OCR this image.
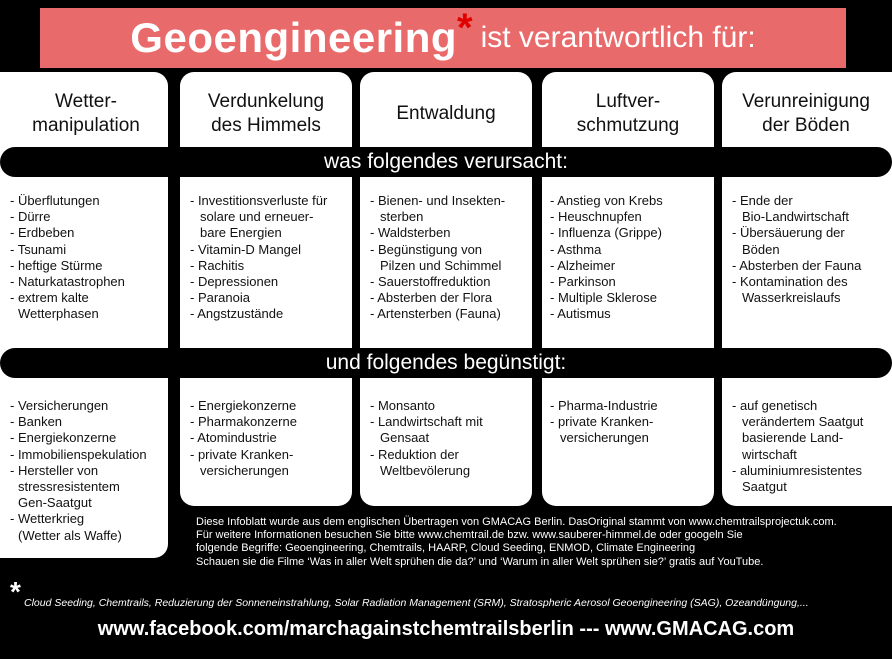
Geoengineering * ist verantwortlich für:
Wetter-
manipulation
- Überflutungen
- Dürre
- Erdbeben
- Tsunami
- heftige Stürme
- Naturkatastrophen
- extrem kalte
Wetterphasen
- Versicherungen
- Banken
- Energiekonzerne
- Immobilienspekulation
- Hersteller von
stressresistentem
Gen-Saatgut
- Wetterkrieg
(Wetter als Waffe)
Verdunkelung
des Himmels
- Investitionsverluste für
solare und erneuer-
bare Energien
- Vitamin-D Mangel
- Rachitis
- Depressionen
- Paranoia
- Angstzustände
- Energiekonzerne
- Pharmakonzerne
- Atomindustrie
- private Kranken-
versicherungen
Entwaldung
- Bienen- und Insekten-
sterben
- Waldsterben
- Begünstigung von
Pilzen und Schimmel
- Sauerstoffreduktion
- Absterben der Flora
- Artensterben (Fauna)
- Monsanto
- Landwirtschaft mit
Gensaat
- Reduktion der
Weltbevölerung
Luftver-
schmutzung
- Anstieg von Krebs
- Heuschnupfen
- Influenza (Grippe)
- Asthma
- Alzheimer
- Parkinson
- Multiple Sklerose
- Autismus
- Pharma-Industrie
- private Kranken-
versicherungen
Verunreinigung
der Böden
- Ende der
Bio-Landwirtschaft
- Übersäuerung der
Böden
- Absterben der Fauna
- Kontamination des
Wasserkreislaufs
- auf genetisch
verändertem Saatgut
basierende Land-
wirtschaft
- aluminiumresistentes
Saatgut
was folgendes verursacht:
und folgendes begünstigt:
Diese Infoblatt wurde aus dem englischen Übertragen von GMACAG Berlin. DasOriginal stammt von www.chemtrailsprojectuk.com.
Für weitere Informationen besuchen Sie bitte www.chemtrail.de bzw. www.sauberer-himmel.de oder googeln Sie
folgende Begriffe: Geoengineering, Chemtrails, HAARP, Cloud Seeding, ENMOD, Climate Engineering
Schauen sie die Filme ‘Was in aller Welt sprühen die da?’ und ‘Warum in aller Welt sprühen sie?’ gratis auf YouTube.
* Cloud Seeding, Chemtrails, Reduzierung der Sonneneinstrahlung, Solar Radiation Management (SRM), Stratospheric Aerosol Geoengineering (SAG), Ozeandüngung,...
www.facebook.com/marchagainstchemtrailsberlin --- www.GMACAG.com
